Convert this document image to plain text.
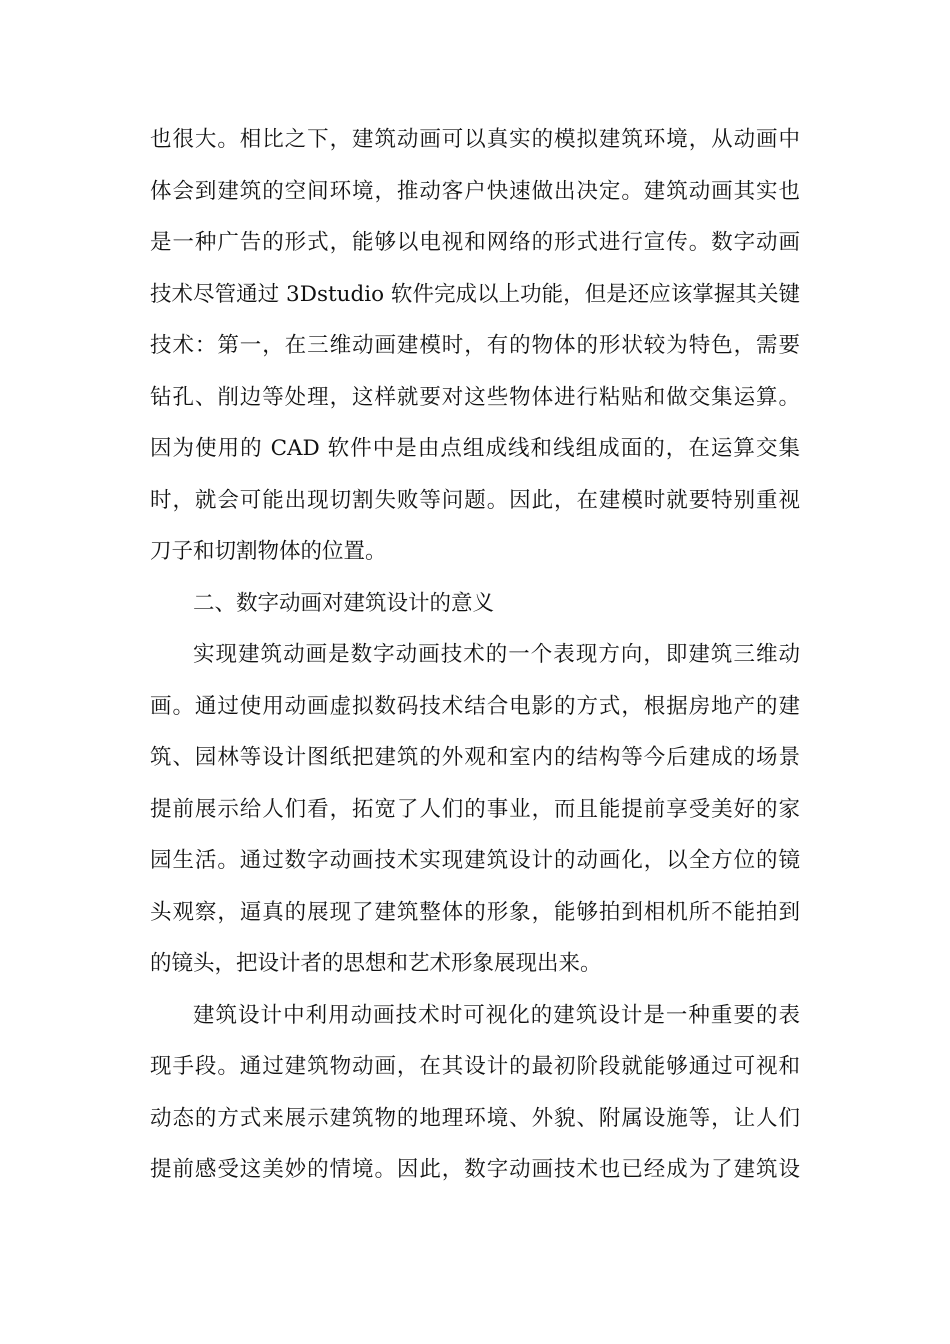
也很大。相比之下，建筑动画可以真实的模拟建筑环境，从动画中
体会到建筑的空间环境，推动客户快速做出决定。建筑动画其实也
是一种广告的形式，能够以电视和网络的形式进行宣传。数字动画
技术尽管通过 3Dstudio 软件完成以上功能，但是还应该掌握其关键
技术：第一，在三维动画建模时，有的物体的形状较为特色，需要
钻孔、削边等处理，这样就要对这些物体进行粘贴和做交集运算。
因为使用的 CAD 软件中是由点组成线和线组成面的，在运算交集
时，就会可能出现切割失败等问题。因此，在建模时就要特别重视
刀子和切割物体的位置。
二、数字动画对建筑设计的意义
实现建筑动画是数字动画技术的一个表现方向，即建筑三维动
画。通过使用动画虚拟数码技术结合电影的方式，根据房地产的建
筑、园林等设计图纸把建筑的外观和室内的结构等今后建成的场景
提前展示给人们看，拓宽了人们的事业，而且能提前享受美好的家
园生活。通过数字动画技术实现建筑设计的动画化，以全方位的镜
头观察，逼真的展现了建筑整体的形象，能够拍到相机所不能拍到
的镜头，把设计者的思想和艺术形象展现出来。
建筑设计中利用动画技术时可视化的建筑设计是一种重要的表
现手段。通过建筑物动画，在其设计的最初阶段就能够通过可视和
动态的方式来展示建筑物的地理环境、外貌、附属设施等，让人们
提前感受这美妙的情境。因此，数字动画技术也已经成为了建筑设
